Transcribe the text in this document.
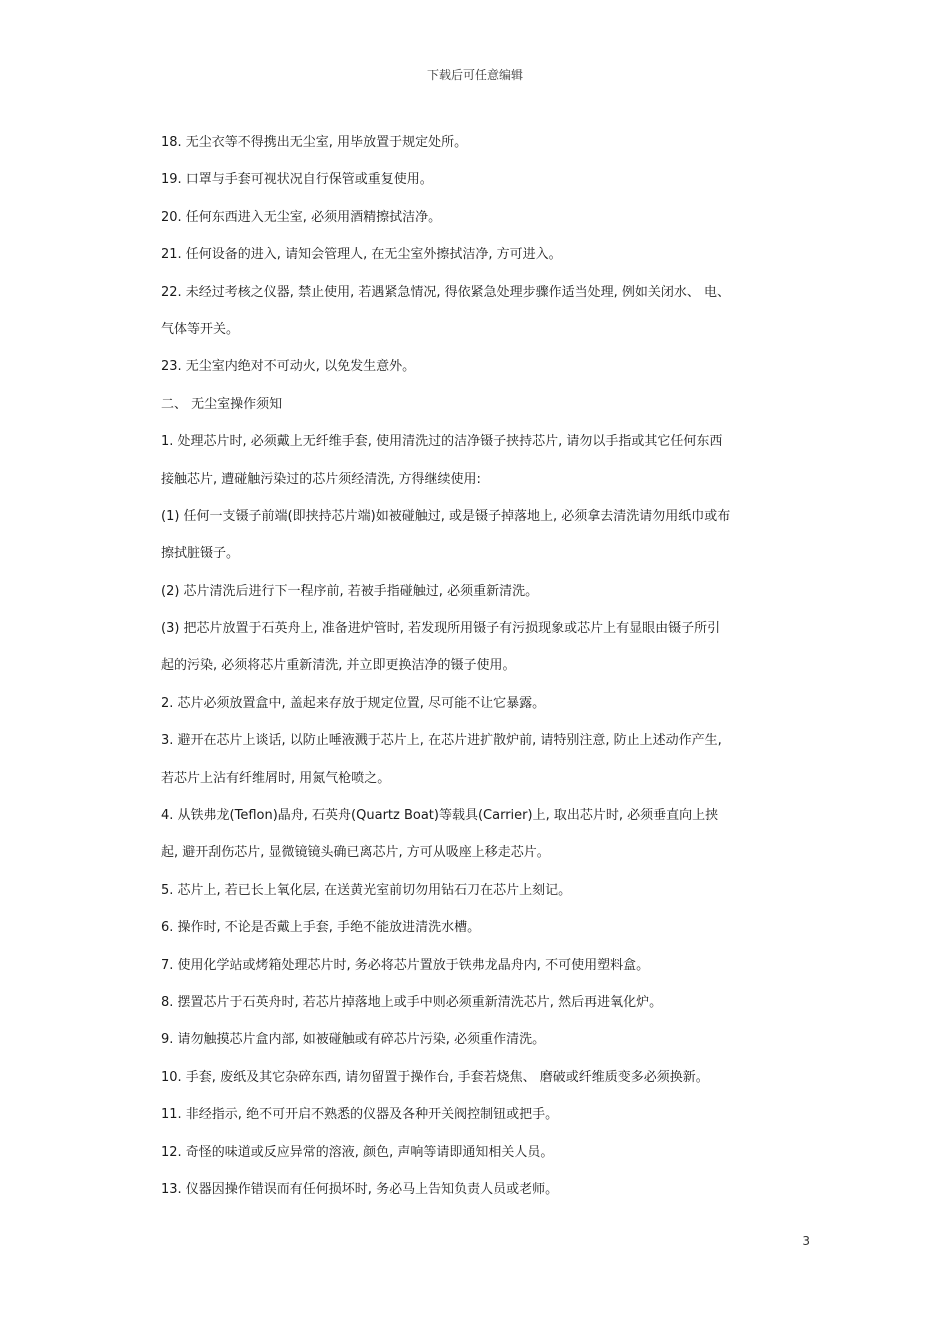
下载后可任意编辑
18. 无尘衣等不得携出无尘室, 用毕放置于规定处所。
19. 口罩与手套可视状况自行保管或重复使用。
20. 任何东西进入无尘室, 必须用酒精擦拭洁净。
21. 任何设备的进入, 请知会管理人, 在无尘室外擦拭洁净, 方可进入。
22. 未经过考核之仪器, 禁止使用, 若遇紧急情况, 得依紧急处理步骤作适当处理, 例如关闭水、 电、
气体等开关。
23. 无尘室内绝对不可动火, 以免发生意外。
二、 无尘室操作须知
1. 处理芯片时, 必须戴上无纤维手套, 使用清洗过的洁净镊子挟持芯片, 请勿以手指或其它任何东西
接触芯片, 遭碰触污染过的芯片须经清洗, 方得继续使用:
(1) 任何一支镊子前端(即挟持芯片端)如被碰触过, 或是镊子掉落地上, 必须拿去清洗请勿用纸巾或布
擦拭脏镊子。
(2) 芯片清洗后进行下一程序前, 若被手指碰触过, 必须重新清洗。
(3) 把芯片放置于石英舟上, 准备进炉管时, 若发现所用镊子有污损现象或芯片上有显眼由镊子所引
起的污染, 必须将芯片重新清洗, 并立即更换洁净的镊子使用。
2. 芯片必须放置盒中, 盖起来存放于规定位置, 尽可能不让它暴露。
3. 避开在芯片上谈话, 以防止唾液溅于芯片上, 在芯片进扩散炉前, 请特别注意, 防止上述动作产生,
若芯片上沾有纤维屑时, 用氮气枪喷之。
4. 从铁弗龙(Teflon)晶舟, 石英舟(Quartz Boat)等载具(Carrier)上, 取出芯片时, 必须垂直向上挟
起, 避开刮伤芯片, 显微镜镜头确已离芯片, 方可从吸座上移走芯片。
5. 芯片上, 若已长上氧化层, 在送黄光室前切勿用钻石刀在芯片上刻记。
6. 操作时, 不论是否戴上手套, 手绝不能放进清洗水槽。
7. 使用化学站或烤箱处理芯片时, 务必将芯片置放于铁弗龙晶舟内, 不可使用塑料盒。
8. 摆置芯片于石英舟时, 若芯片掉落地上或手中则必须重新清洗芯片, 然后再进氧化炉。
9. 请勿触摸芯片盒内部, 如被碰触或有碎芯片污染, 必须重作清洗。
10. 手套, 废纸及其它杂碎东西, 请勿留置于操作台, 手套若烧焦、 磨破或纤维质变多必须换新。
11. 非经指示, 绝不可开启不熟悉的仪器及各种开关阀控制钮或把手。
12. 奇怪的味道或反应异常的溶液, 颜色, 声响等请即通知相关人员。
13. 仪器因操作错误而有任何损坏时, 务必马上告知负责人员或老师。
3
